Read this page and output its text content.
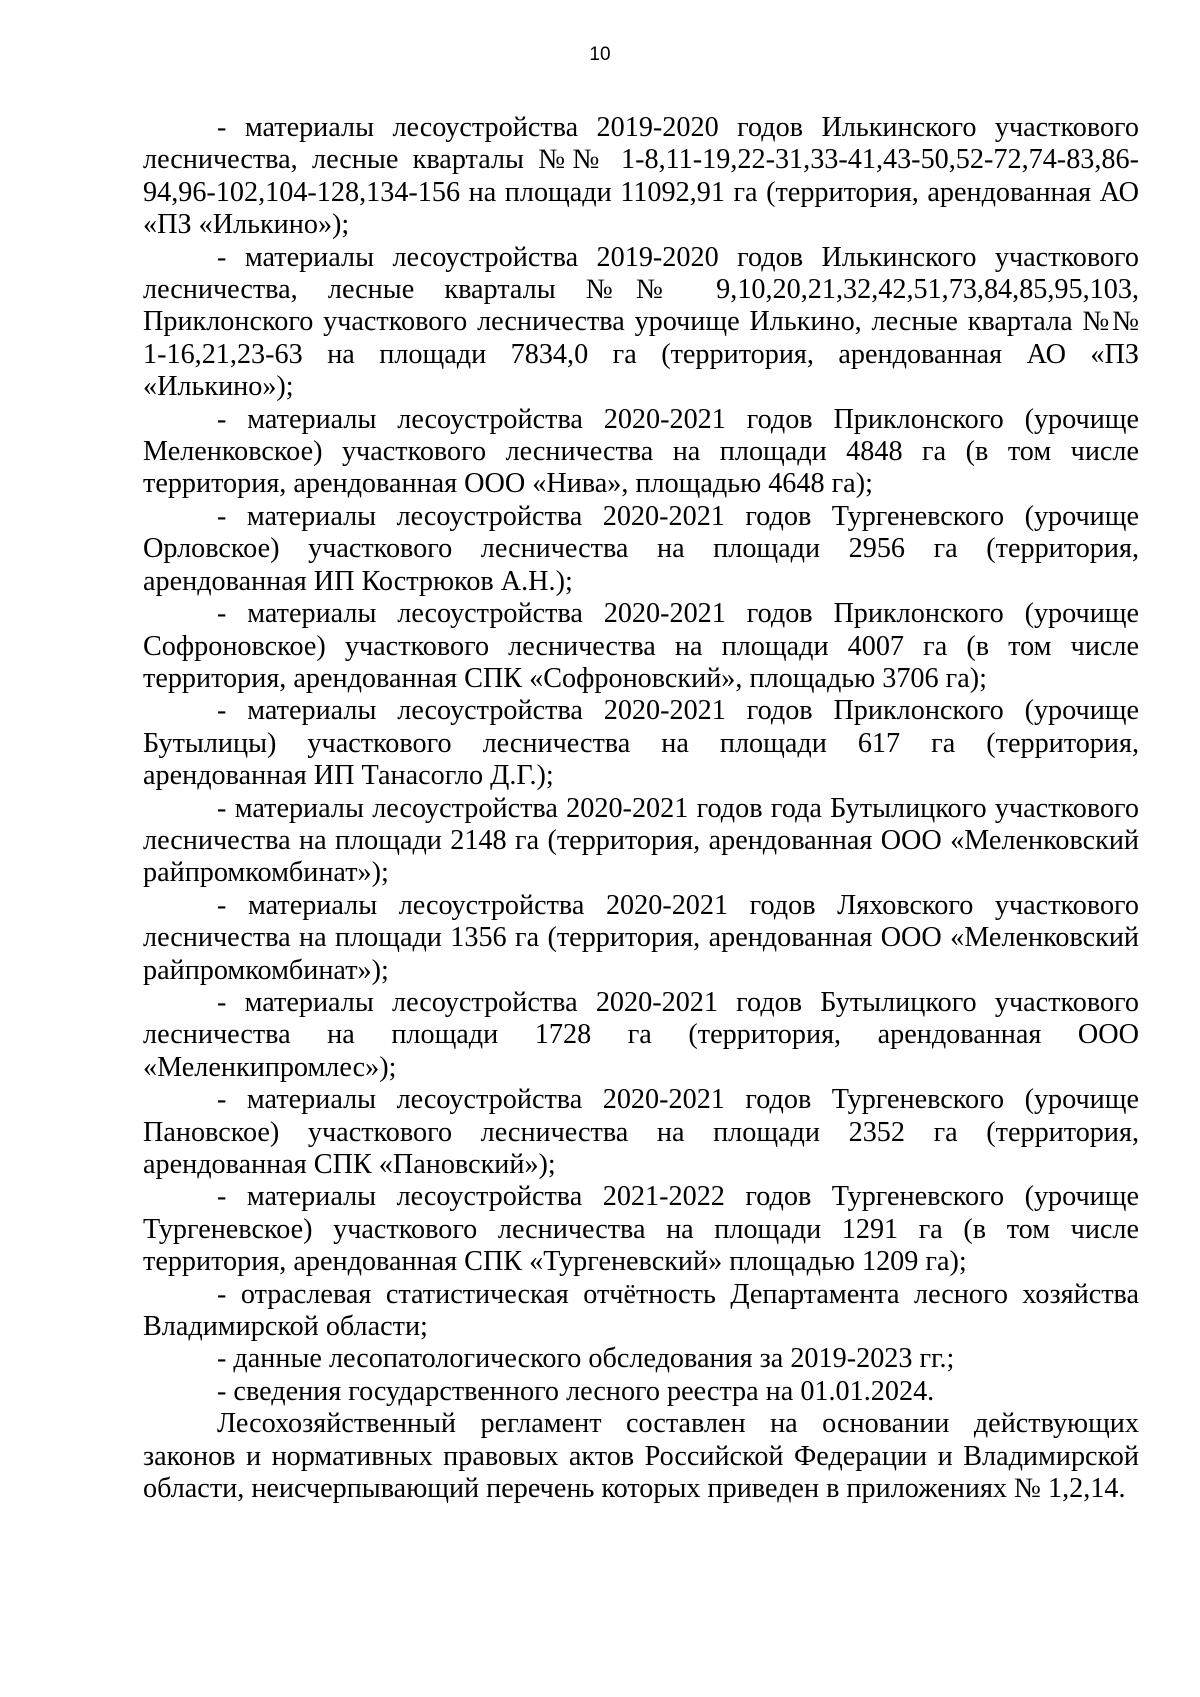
10

- материалы лесоустройства 2019-2020 годов Илькинского участкового лесничества, лесные кварталы №№ 1-8,11-19,22-31,33-41,43-50,52-72,74-83,86-94,96-102,104-128,134-156 на площади 11092,91 га (территория, арендованная АО «ПЗ «Илькино»);

- материалы лесоустройства 2019-2020 годов Илькинского участкового лесничества, лесные кварталы №№ 9,10,20,21,32,42,51,73,84,85,95,103, Приклонского участкового лесничества урочище Илькино, лесные квартала №№ 1-16,21,23-63 на площади 7834,0 га (территория, арендованная АО «ПЗ «Илькино»);

- материалы лесоустройства 2020-2021 годов Приклонского (урочище Меленковское) участкового лесничества на площади 4848 га (в том числе территория, арендованная ООО «Нива», площадью 4648 га);

- материалы лесоустройства 2020-2021 годов Тургеневского (урочище Орловское) участкового лесничества на площади 2956 га (территория, арендованная ИП Кострюков А.Н.);

- материалы лесоустройства 2020-2021 годов Приклонского (урочище Софроновское) участкового лесничества на площади 4007 га (в том числе территория, арендованная СПК «Софроновский», площадью 3706 га);

- материалы лесоустройства 2020-2021 годов Приклонского (урочище Бутылицы) участкового лесничества на площади 617 га (территория, арендованная ИП Танасогло Д.Г.);

- материалы лесоустройства 2020-2021 годов года Бутылицкого участкового лесничества на площади 2148 га (территория, арендованная ООО «Меленковский райпромкомбинат»);

- материалы лесоустройства 2020-2021 годов Ляховского участкового лесничества на площади 1356 га (территория, арендованная ООО «Меленковский райпромкомбинат»);

- материалы лесоустройства 2020-2021 годов Бутылицкого участкового лесничества на площади 1728 га (территория, арендованная ООО «Меленкипромлес»);

- материалы лесоустройства 2020-2021 годов Тургеневского (урочище Пановское) участкового лесничества на площади 2352 га (территория, арендованная СПК «Пановский»);

- материалы лесоустройства 2021-2022 годов Тургеневского (урочище Тургеневское) участкового лесничества на площади 1291 га (в том числе территория, арендованная СПК «Тургеневский» площадью 1209 га);

- отраслевая статистическая отчётность Департамента лесного хозяйства Владимирской области;

- данные лесопатологического обследования за 2019-2023 гг.;

- сведения государственного лесного реестра на 01.01.2024.

Лесохозяйственный регламент составлен на основании действующих законов и нормативных правовых актов Российской Федерации и Владимирской области, неисчерпывающий перечень которых приведен в приложениях № 1,2,14.
